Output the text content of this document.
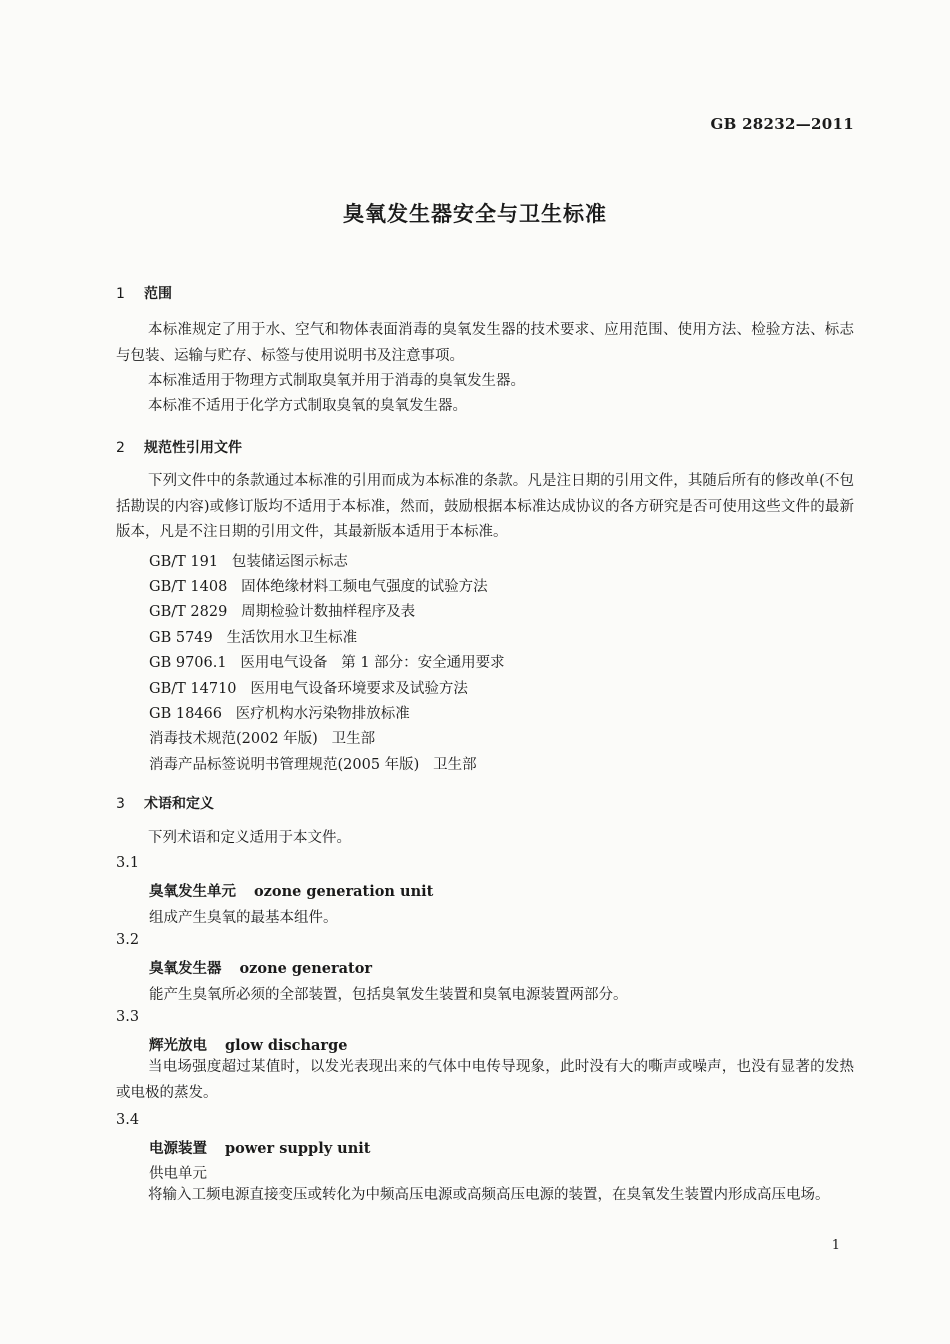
GB 28232—2011
臭氧发生器安全与卫生标准
1 范围
本标准规定了用于水、空气和物体表面消毒的臭氧发生器的技术要求、应用范围、使用方法、检验方法、标志与包装、运输与贮存、标签与使用说明书及注意事项。
本标准适用于物理方式制取臭氧并用于消毒的臭氧发生器。
本标准不适用于化学方式制取臭氧的臭氧发生器。
2 规范性引用文件
下列文件中的条款通过本标准的引用而成为本标准的条款。凡是注日期的引用文件，其随后所有的修改单(不包括勘误的内容)或修订版均不适用于本标准，然而，鼓励根据本标准达成协议的各方研究是否可使用这些文件的最新版本，凡是不注日期的引用文件，其最新版本适用于本标准。
GB/T 191   包装储运图示标志
GB/T 1408   固体绝缘材料工频电气强度的试验方法
GB/T 2829   周期检验计数抽样程序及表
GB 5749   生活饮用水卫生标准
GB 9706.1   医用电气设备   第 1 部分：安全通用要求
GB/T 14710   医用电气设备环境要求及试验方法
GB 18466   医疗机构水污染物排放标准
消毒技术规范(2002 年版)   卫生部
消毒产品标签说明书管理规范(2005 年版)   卫生部
3 术语和定义
下列术语和定义适用于本文件。
3.1
臭氧发生单元 ozone generation unit
组成产生臭氧的最基本组件。
3.2
臭氧发生器 ozone generator
能产生臭氧所必须的全部装置，包括臭氧发生装置和臭氧电源装置两部分。
3.3
辉光放电 glow discharge
当电场强度超过某值时，以发光表现出来的气体中电传导现象，此时没有大的嘶声或噪声，也没有显著的发热或电极的蒸发。
3.4
电源装置 power supply unit
供电单元
将输入工频电源直接变压或转化为中频高压电源或高频高压电源的装置，在臭氧发生装置内形成高压电场。
1
